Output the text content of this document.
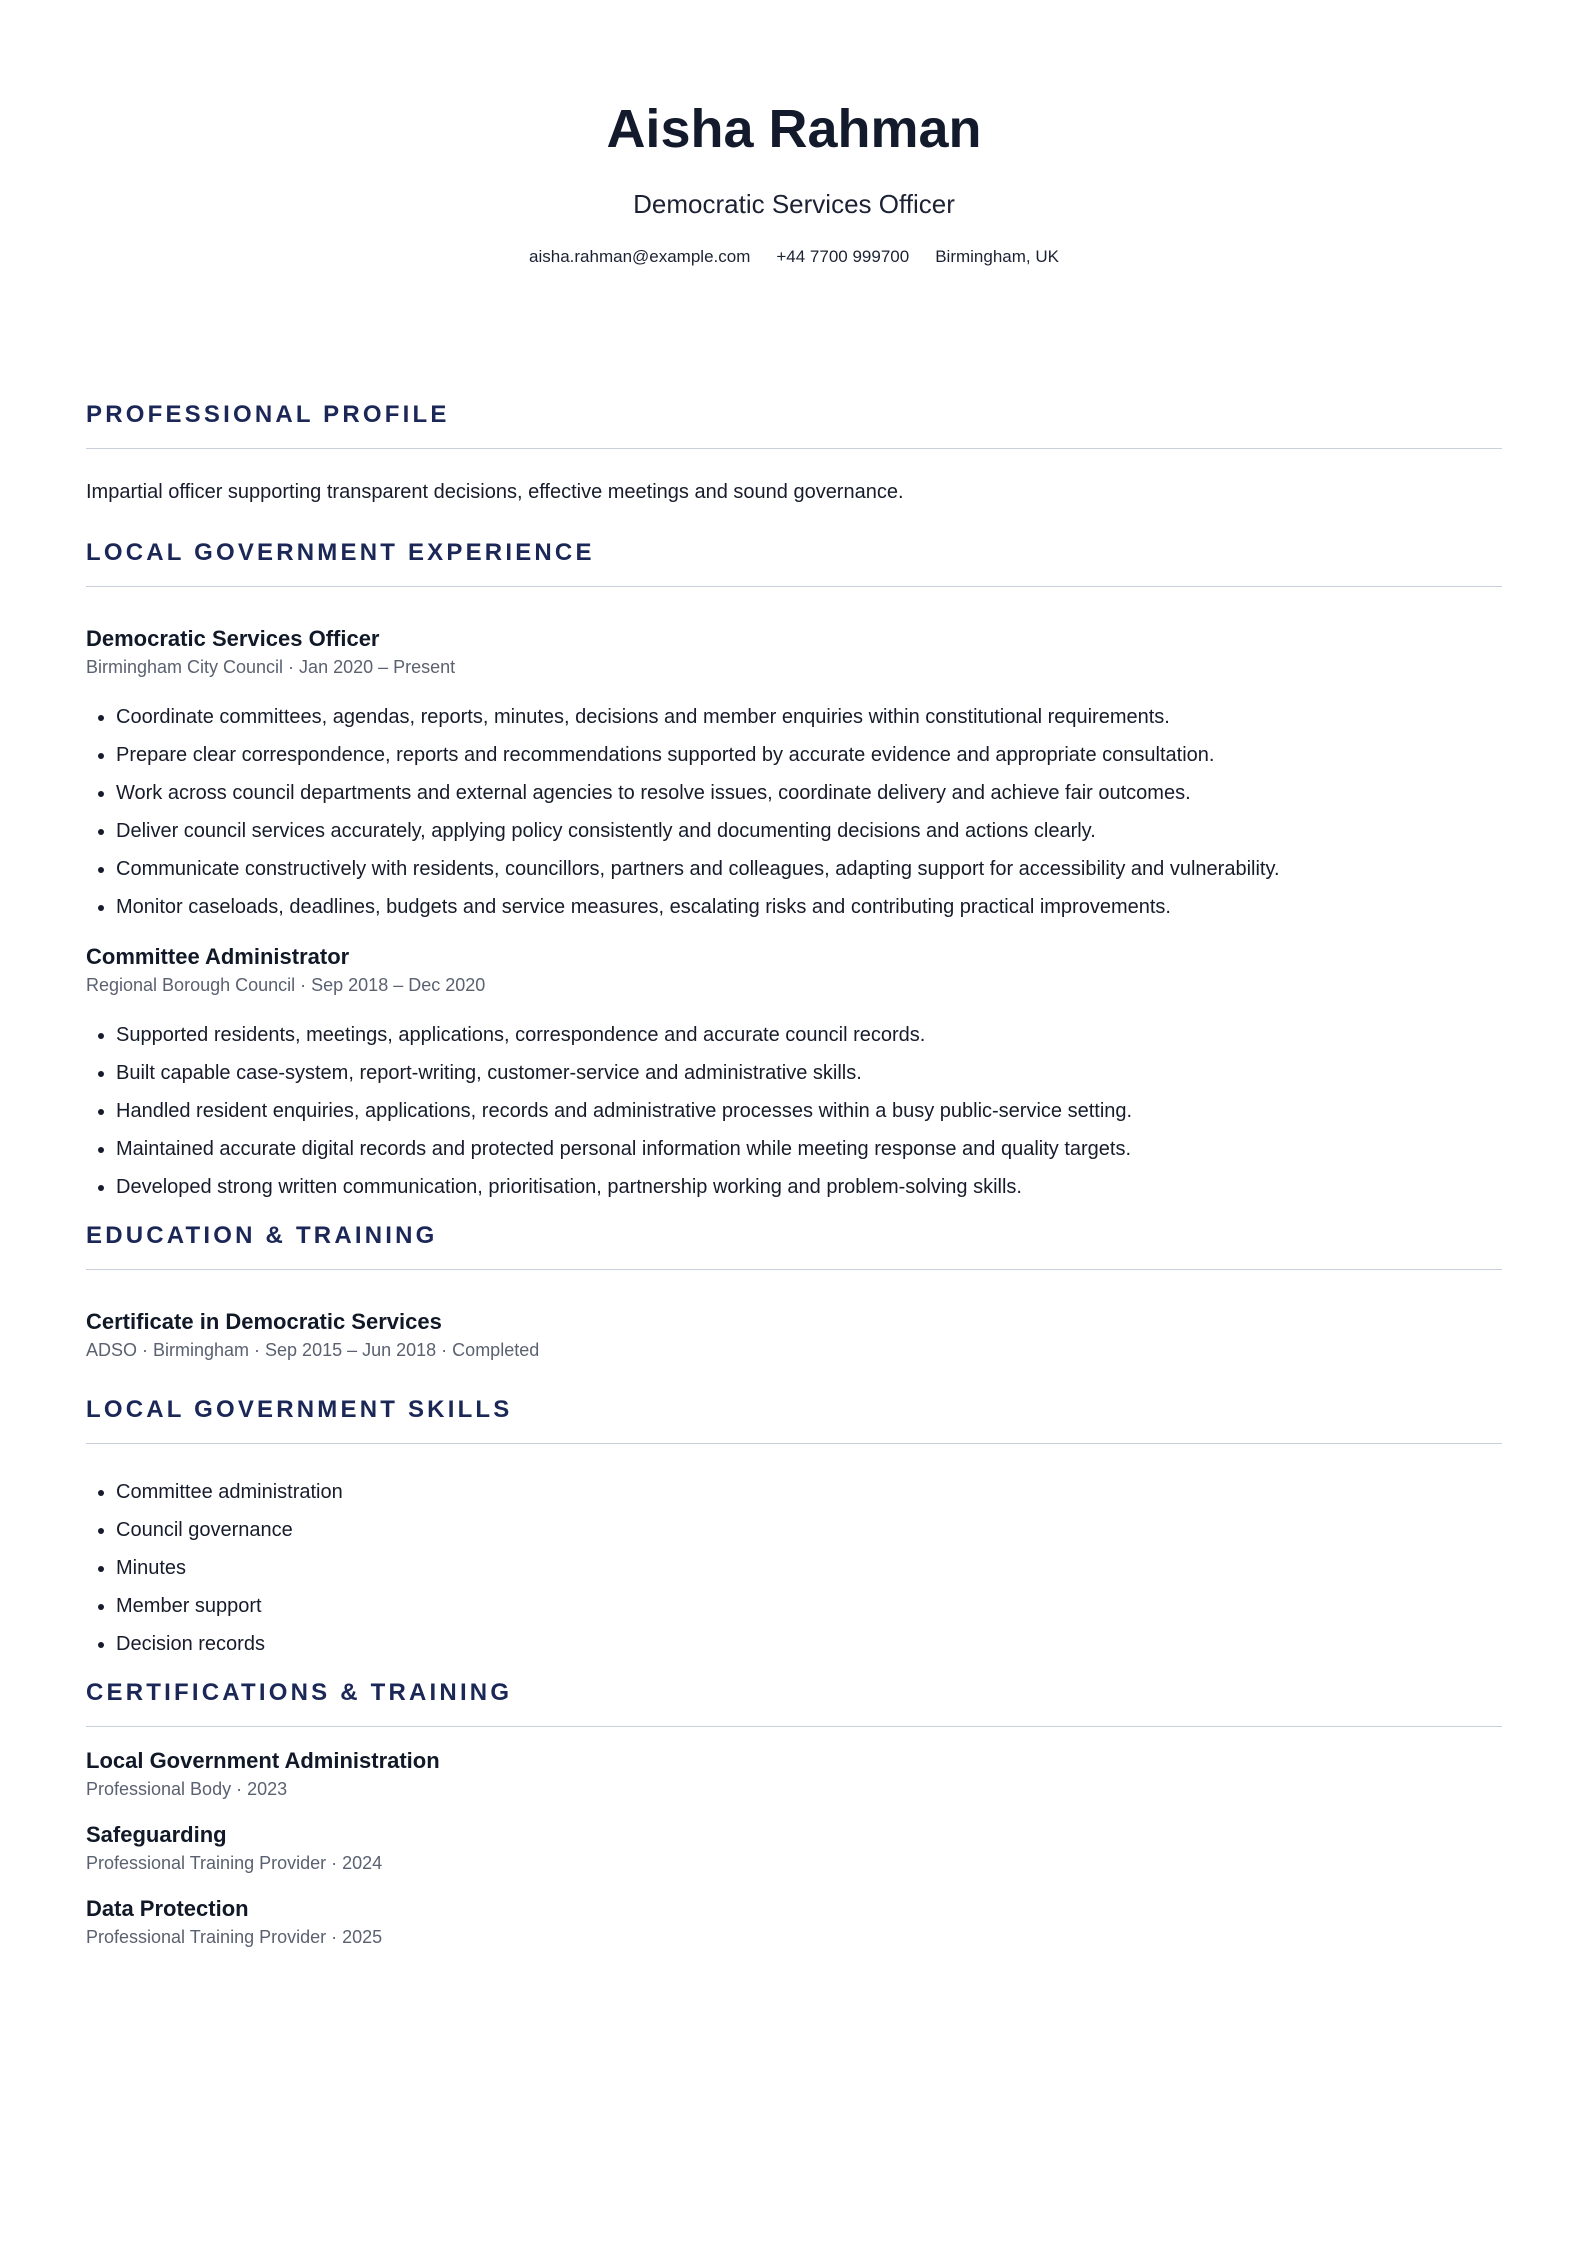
Aisha Rahman
Democratic Services Officer
aisha.rahman@example.com +44 7700 999700 Birmingham, UK
PROFESSIONAL PROFILE
Impartial officer supporting transparent decisions, effective meetings and sound governance.
LOCAL GOVERNMENT EXPERIENCE
Democratic Services Officer
Birmingham City Council · Jan 2020 – Present
• Coordinate committees, agendas, reports, minutes, decisions and member enquiries within constitutional requirements.
• Prepare clear correspondence, reports and recommendations supported by accurate evidence and appropriate consultation.
• Work across council departments and external agencies to resolve issues, coordinate delivery and achieve fair outcomes.
• Deliver council services accurately, applying policy consistently and documenting decisions and actions clearly.
• Communicate constructively with residents, councillors, partners and colleagues, adapting support for accessibility and vulnerability.
• Monitor caseloads, deadlines, budgets and service measures, escalating risks and contributing practical improvements.
Committee Administrator
Regional Borough Council · Sep 2018 – Dec 2020
• Supported residents, meetings, applications, correspondence and accurate council records.
• Built capable case-system, report-writing, customer-service and administrative skills.
• Handled resident enquiries, applications, records and administrative processes within a busy public-service setting.
• Maintained accurate digital records and protected personal information while meeting response and quality targets.
• Developed strong written communication, prioritisation, partnership working and problem-solving skills.
EDUCATION & TRAINING
Certificate in Democratic Services
ADSO · Birmingham · Sep 2015 – Jun 2018 · Completed
LOCAL GOVERNMENT SKILLS
• Committee administration
• Council governance
• Minutes
• Member support
• Decision records
CERTIFICATIONS & TRAINING
Local Government Administration
Professional Body · 2023
Safeguarding
Professional Training Provider · 2024
Data Protection
Professional Training Provider · 2025
